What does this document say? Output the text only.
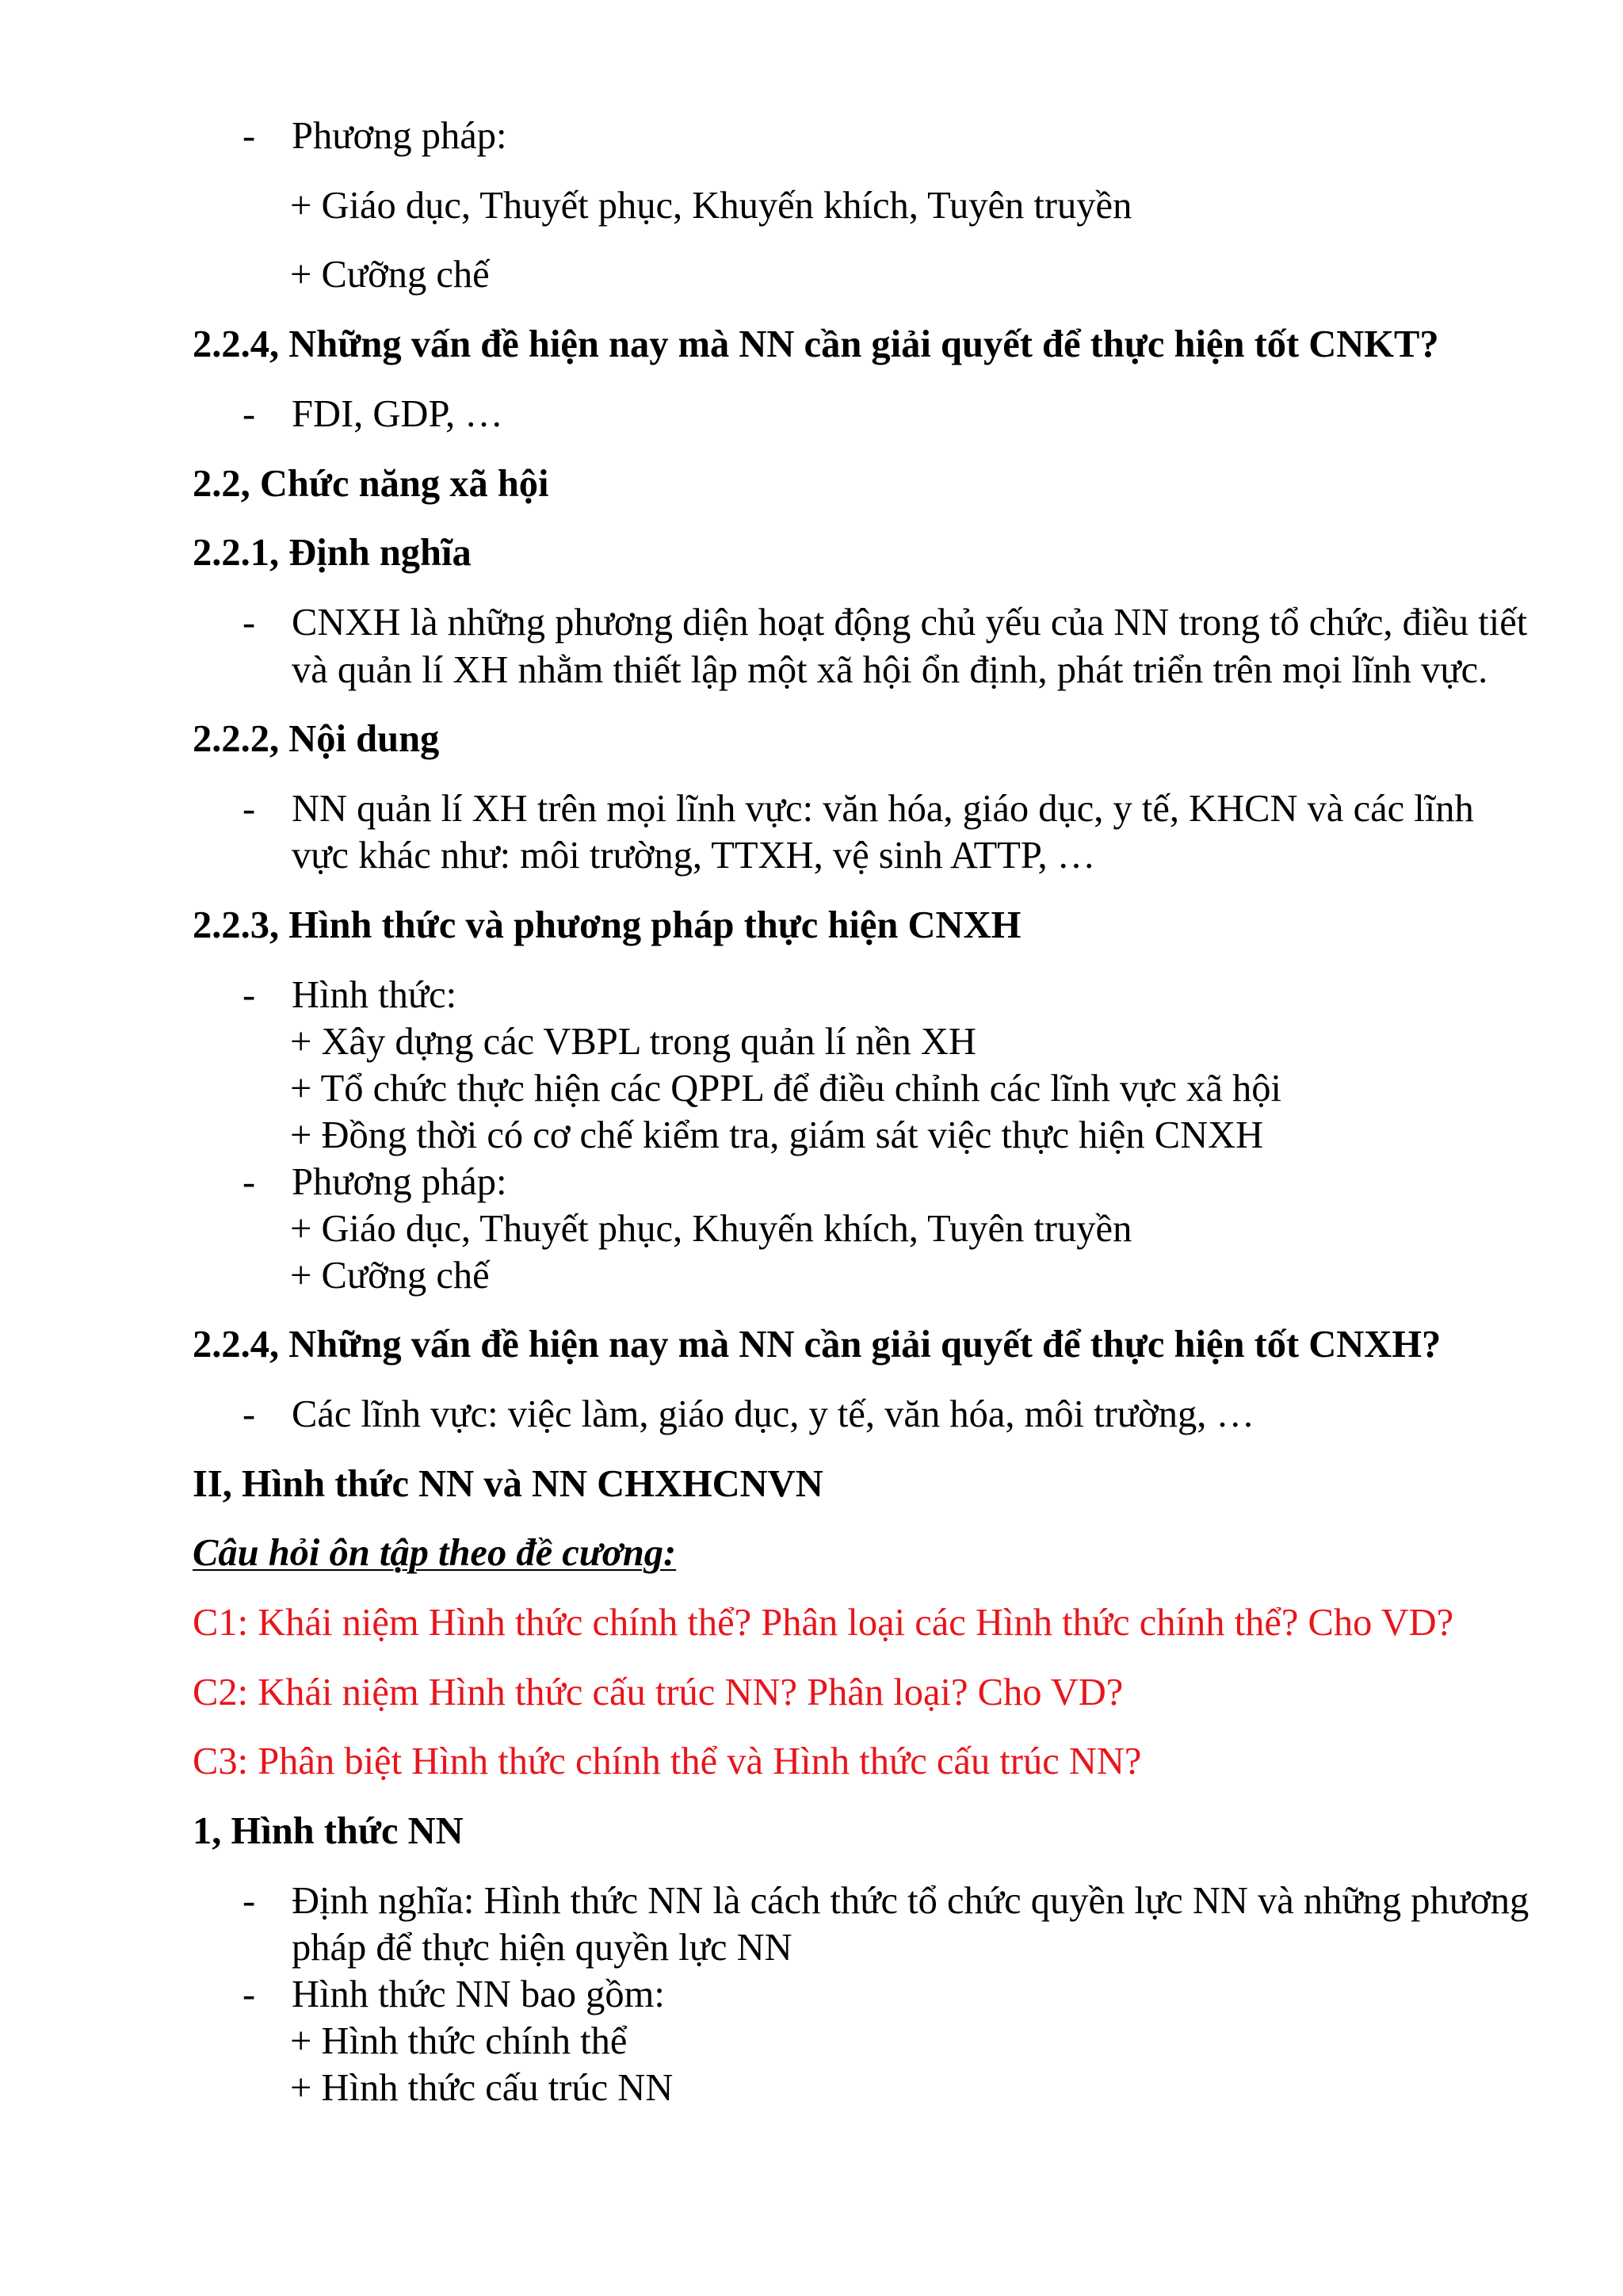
- Phương pháp:
+ Giáo dục, Thuyết phục, Khuyến khích, Tuyên truyền
+ Cưỡng chế
2.2.4, Những vấn đề hiện nay mà NN cần giải quyết để thực hiện tốt CNKT?
- FDI, GDP, …
2.2, Chức năng xã hội
2.2.1, Định nghĩa
- CNXH là những phương diện hoạt động chủ yếu của NN trong tổ chức, điều tiết
và quản lí XH nhằm thiết lập một xã hội ổn định, phát triển trên mọi lĩnh vực.
2.2.2, Nội dung
- NN quản lí XH trên mọi lĩnh vực: văn hóa, giáo dục, y tế, KHCN và các lĩnh
vực khác như: môi trường, TTXH, vệ sinh ATTP, …
2.2.3, Hình thức và phương pháp thực hiện CNXH
- Hình thức:
+ Xây dựng các VBPL trong quản lí nền XH
+ Tổ chức thực hiện các QPPL để điều chỉnh các lĩnh vực xã hội
+ Đồng thời có cơ chế kiểm tra, giám sát việc thực hiện CNXH
- Phương pháp:
+ Giáo dục, Thuyết phục, Khuyến khích, Tuyên truyền
+ Cưỡng chế
2.2.4, Những vấn đề hiện nay mà NN cần giải quyết để thực hiện tốt CNXH?
- Các lĩnh vực: việc làm, giáo dục, y tế, văn hóa, môi trường, …
II, Hình thức NN và NN CHXHCNVN
Câu hỏi ôn tập theo đề cương:
C1: Khái niệm Hình thức chính thể? Phân loại các Hình thức chính thể? Cho VD?
C2: Khái niệm Hình thức cấu trúc NN? Phân loại? Cho VD?
C3: Phân biệt Hình thức chính thể và Hình thức cấu trúc NN?
1, Hình thức NN
- Định nghĩa: Hình thức NN là cách thức tổ chức quyền lực NN và những phương
pháp để thực hiện quyền lực NN
- Hình thức NN bao gồm:
+ Hình thức chính thể
+ Hình thức cấu trúc NN
